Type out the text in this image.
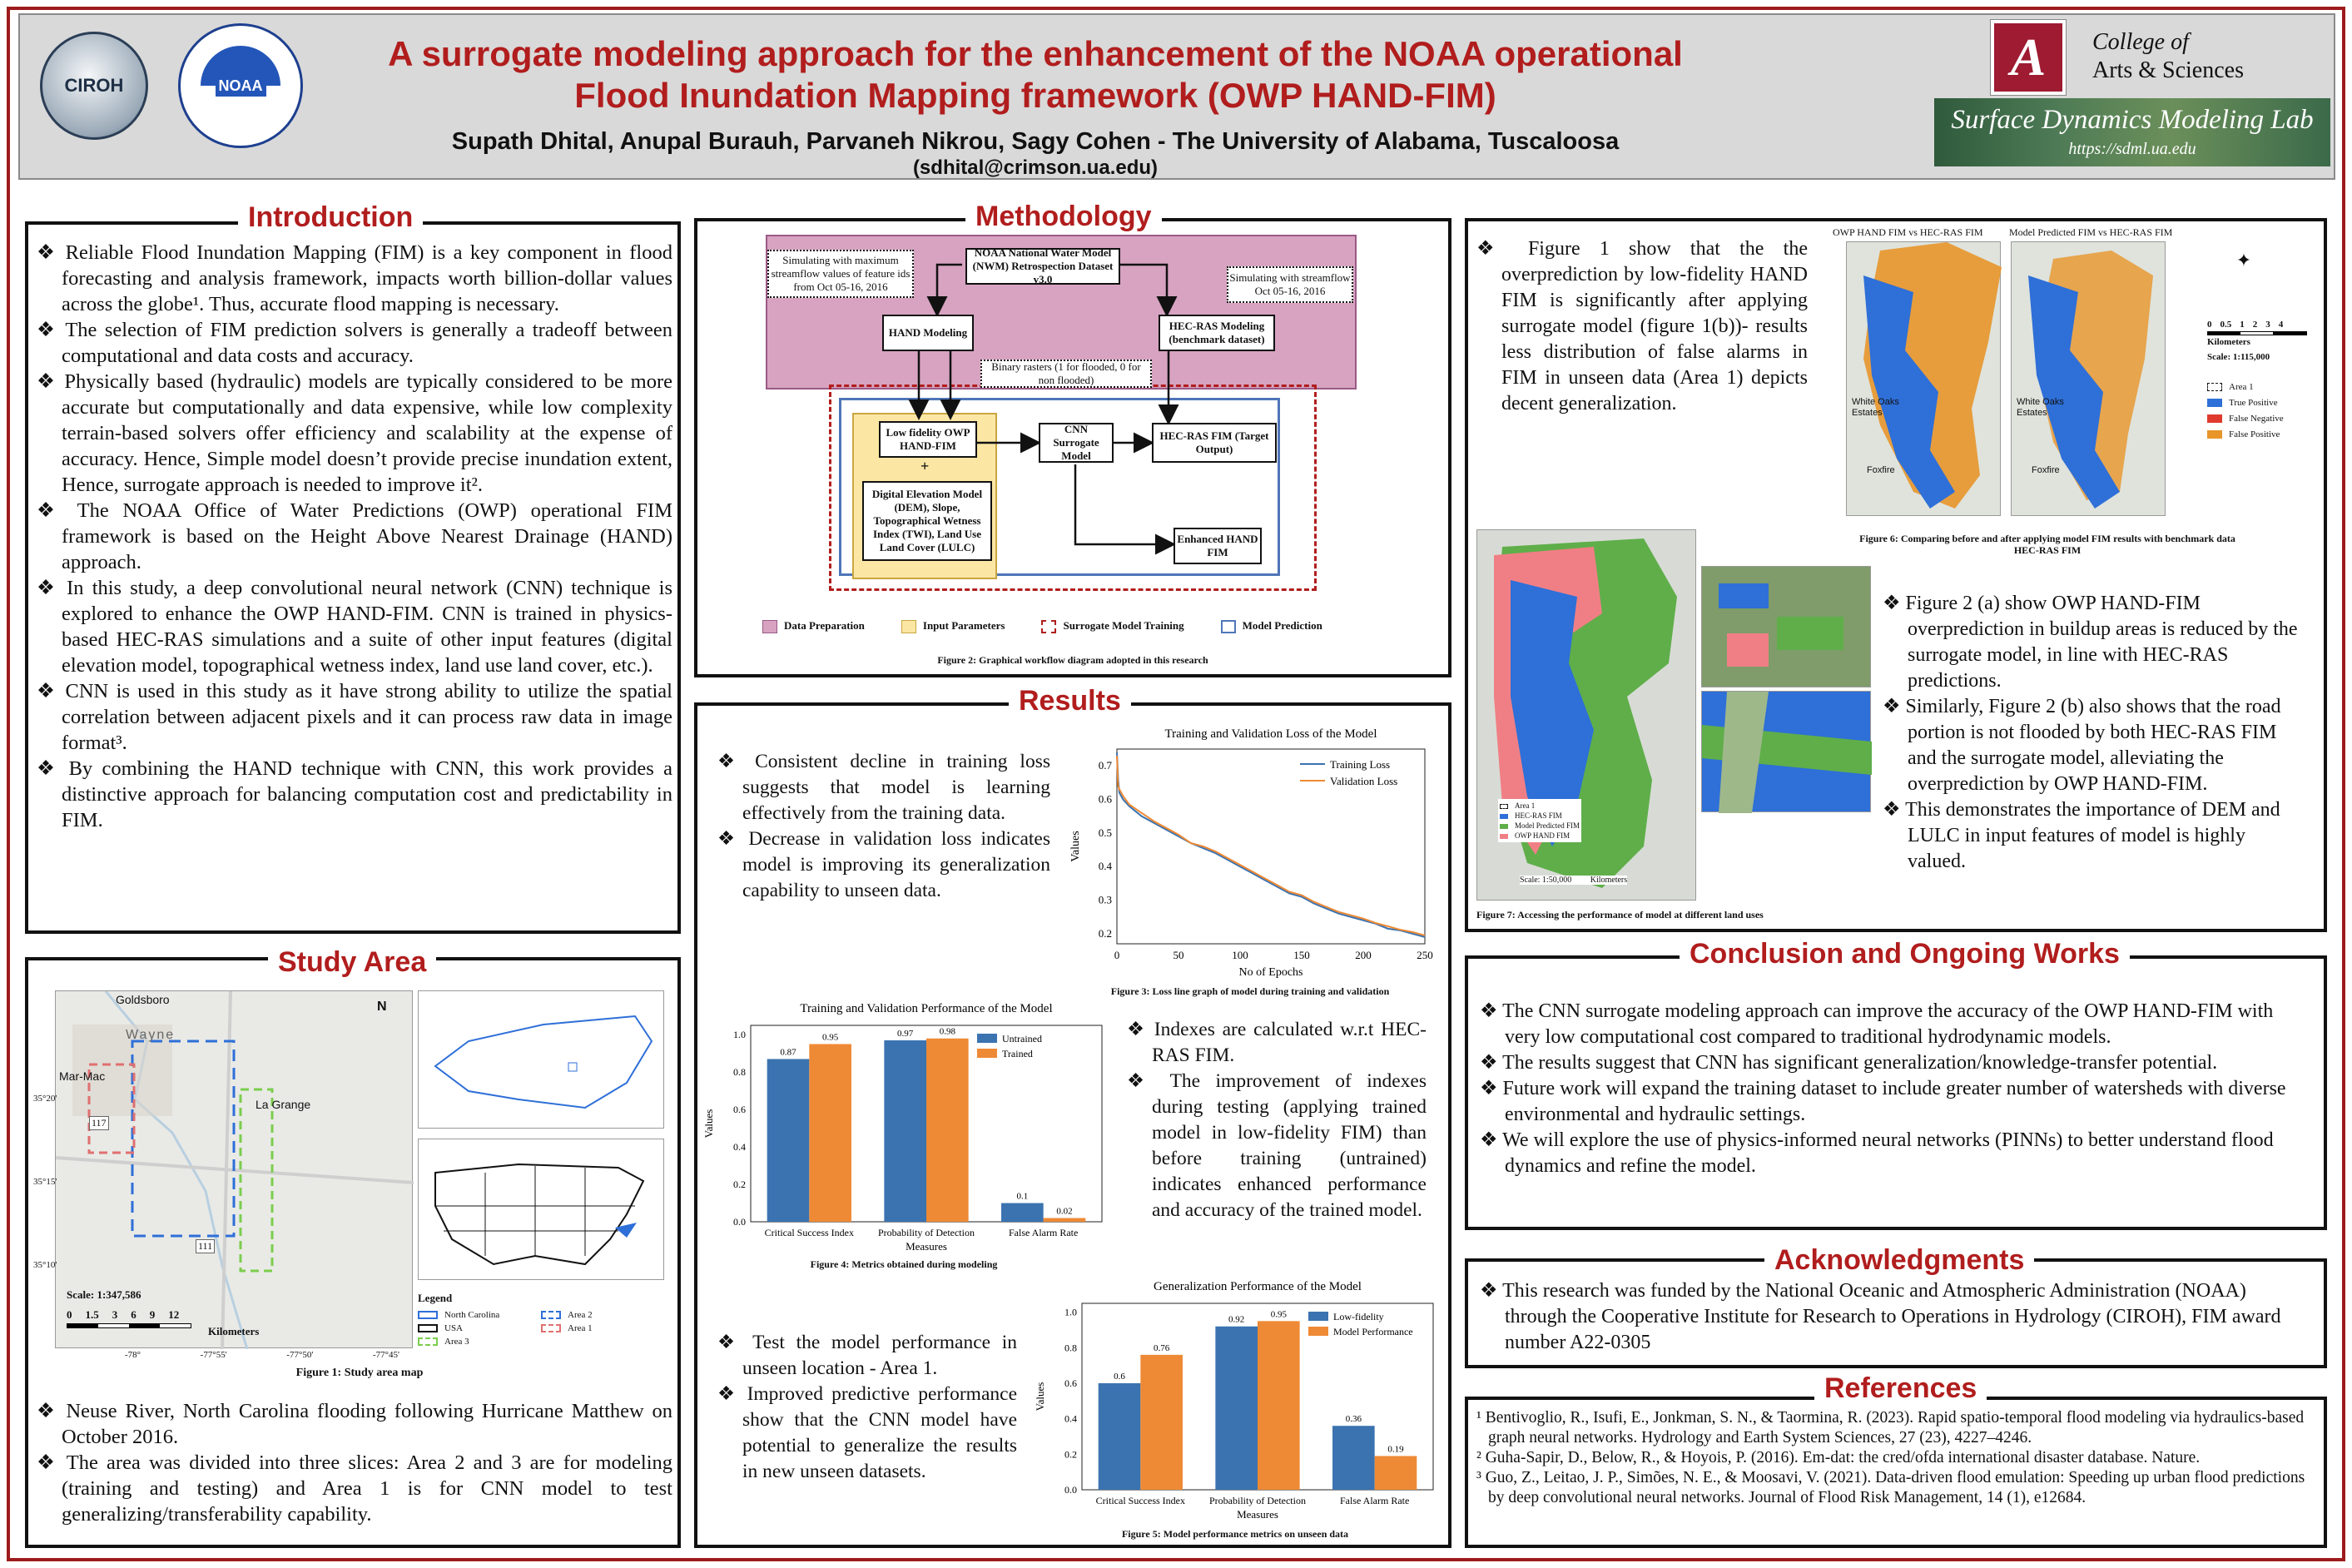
CIROH	NOAA
A surrogate modeling approach for the enhancement of the NOAA operational Flood Inundation Mapping framework (OWP HAND-FIM)
Supath Dhital, Anupal Burauh, Parvaneh Nikrou, Sagy Cohen - The University of Alabama, Tuscaloosa
(sdhital@crimson.ua.edu)
A College of
Arts & Sciences
Surface Dynamics Modeling Lab
https://sdml.ua.edu
Introduction
❖ Reliable Flood Inundation Mapping (FIM) is a key component in flood forecasting and analysis framework, impacts worth billion-dollar values across the globe¹. Thus, accurate flood mapping is necessary.
❖ The selection of FIM prediction solvers is generally a tradeoff between computational and data costs and accuracy.
❖ Physically based (hydraulic) models are typically considered to be more accurate but computationally and data expensive, while low complexity terrain-based solvers offer efficiency and scalability at the expense of accuracy. Hence, Simple model doesn’t provide precise inundation extent, Hence, surrogate approach is needed to improve it².
❖ The NOAA Office of Water Predictions (OWP) operational FIM framework is based on the Height Above Nearest Drainage (HAND) approach.
❖ In this study, a deep convolutional neural network (CNN) technique is explored to enhance the OWP HAND-FIM. CNN is trained in physics-based HEC-RAS simulations and a suite of other input features (digital elevation model, topographical wetness index, land use land cover, etc.).
❖ CNN is used in this study as it have strong ability to utilize the spatial correlation between adjacent pixels and it can process raw data in image format³.
❖ By combining the HAND technique with CNN, this work provides a distinctive approach for balancing computation cost and predictability in FIM.
Study Area
Goldsboro
Wayne
Mar-Mac
La Grange
117
111
N
35°20'
35°15'
35°10'
-78°	-77°55'	-77°50'	-77°45'
Scale: 1:347,586
0 1.5 3 6 9 12
Kilometers
Legend
North Carolina	Area 2
USA	Area 1
Area 3
Figure 1: Study area map
❖ Neuse River, North Carolina flooding following Hurricane Matthew on October 2016.
❖ The area was divided into three slices: Area 2 and 3 are for modeling (training and testing) and Area 1 is for CNN model to test generalizing/transferability capability.
Methodology
NOAA National Water Model (NWM) Retrospection Dataset v3.0
Simulating with maximum streamflow values of feature ids from Oct 05-16, 2016
Simulating with streamflow Oct 05-16, 2016
HAND Modeling
HEC-RAS Modeling (benchmark dataset)
Binary rasters (1 for flooded, 0 for non flooded)
Low fidelity OWP HAND-FIM
+
Digital Elevation Model (DEM), Slope, Topographical Wetness Index (TWI), Land Use Land Cover (LULC)
CNN Surrogate Model
HEC-RAS FIM (Target Output)
Enhanced HAND FIM
Data Preparation	Input Parameters	Surrogate Model Training	Model Prediction
Figure 2: Graphical workflow diagram adopted in this research
Results
❖ Consistent decline in training loss suggests that model is learning effectively from the training data.
❖ Decrease in validation loss indicates model is improving its generalization capability to unseen data.
Training and Validation Loss of the Model
0	50	100	150	200	250
0.2
0.3
0.4
0.5
0.6
0.7
No of Epochs
Values
Training Loss
Validation Loss
Figure 3: Loss line graph of model during training and validation
Training and Validation Performance of the Model
0.0
0.2
0.4
0.6
0.8
1.0
Values
Measures
Critical Success Index
0.87
0.95
Probability of Detection
0.97	0.98
False Alarm Rate
0.1
0.02
Untrained
Trained
Figure 4: Metrics obtained during modeling
❖ Indexes are calculated w.r.t HEC-RAS FIM.
❖ The improvement of indexes during testing (applying trained model in low-fidelity FIM) than before training (untrained) indicates enhanced performance and accuracy of the trained model.
❖ Test the model performance in unseen location - Area 1.
❖ Improved predictive performance show that the CNN model have potential to generalize the results in new unseen datasets.
Generalization Performance of the Model
0.0
0.2
0.4
0.6
0.8
1.0
Values
Measures
Critical Success Index
0.6
0.76
Probability of Detection
0.92
0.95
False Alarm Rate
0.36
0.19
Low-fidelity
Model Performance
Figure 5: Model performance metrics on unseen data
❖ Figure 1 show that the the overprediction by low-fidelity HAND FIM is significantly after applying surrogate model (figure 1(b))- results less distribution of false alarms in FIM in unseen data (Area 1) depicts decent generalization.
OWP HAND FIM vs HEC-RAS FIM	Model Predicted FIM vs HEC-RAS FIM
White Oaks Estates
Foxfire
White Oaks Estates
Foxfire
✦
0 0.5 1 2 3 4
Kilometers
Scale: 1:115,000
Area 1
True Positive
False Negative
False Positive
Figure 6: Comparing before and after applying model FIM results with benchmark data HEC-RAS FIM
Area 1
HEC-RAS FIM
Model Predicted FIM
OWP HAND FIM
Scale: 1:50,000 Kilometers
Figure 7: Accessing the performance of model at different land uses
❖ Figure 2 (a) show OWP HAND-FIM overprediction in buildup areas is reduced by the surrogate model, in line with HEC-RAS predictions.
❖ Similarly, Figure 2 (b) also shows that the road portion is not flooded by both HEC-RAS FIM and the surrogate model, alleviating the overprediction by OWP HAND-FIM.
❖ This demonstrates the importance of DEM and LULC in input features of model is highly valued.
Conclusion and Ongoing Works
❖ The CNN surrogate modeling approach can improve the accuracy of the OWP HAND-FIM with very low computational cost compared to traditional hydrodynamic models.
❖ The results suggest that CNN has significant generalization/knowledge-transfer potential.
❖ Future work will expand the training dataset to include greater number of watersheds with diverse environmental and hydraulic settings.
❖ We will explore the use of physics-informed neural networks (PINNs) to better understand flood dynamics and refine the model.
Acknowledgments
❖ This research was funded by the National Oceanic and Atmospheric Administration (NOAA) through the Cooperative Institute for Research to Operations in Hydrology (CIROH), FIM award number A22-0305
References
¹ Bentivoglio, R., Isufi, E., Jonkman, S. N., & Taormina, R. (2023). Rapid spatio-temporal flood modeling via hydraulics-based graph neural networks. Hydrology and Earth System Sciences, 27 (23), 4227–4246.
² Guha-Sapir, D., Below, R., & Hoyois, P. (2016). Em-dat: the cred/ofda international disaster database. Nature.
³ Guo, Z., Leitao, J. P., Simões, N. E., & Moosavi, V. (2021). Data-driven flood emulation: Speeding up urban flood predictions by deep convolutional neural networks. Journal of Flood Risk Management, 14 (1), e12684.
